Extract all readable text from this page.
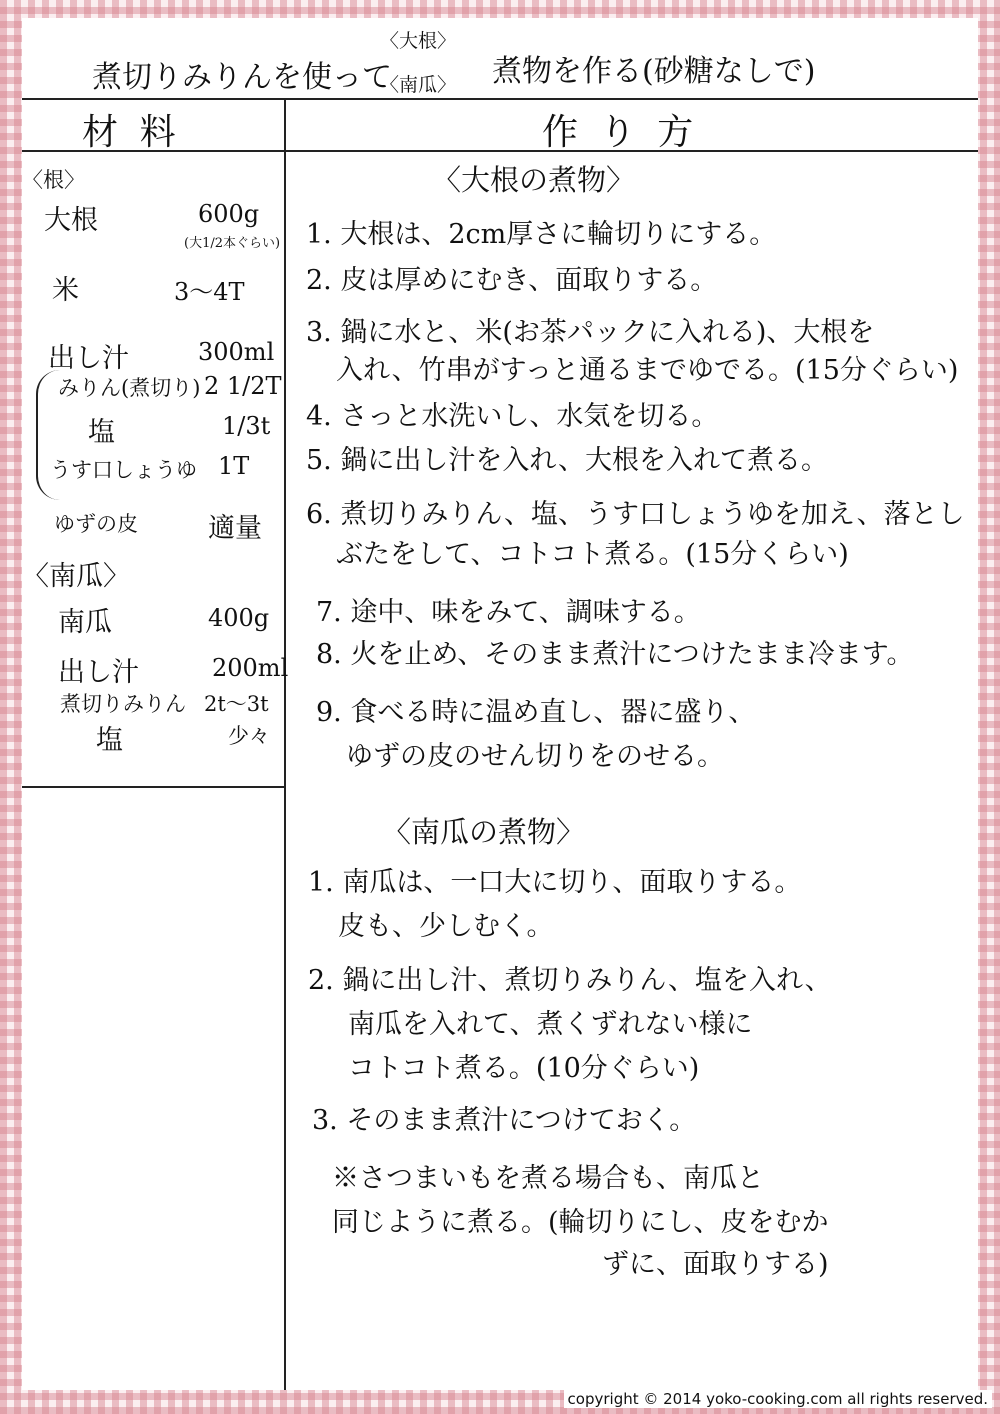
煮切りみりんを使って
〈大根〉
〈南瓜〉 煮物を作る(砂糖なしで)
材料	作り方
〈根〉
大根	600g
(大1/2本ぐらい)
米	3〜4T
出し汁	300ml
みりん(煮切り) 2 1/2T
塩	1/3t
うす口しょうゆ 1T
ゆずの皮	適量
〈南瓜〉
南瓜	400g
出し汁	200ml
煮切りみりん 2t〜3t
塩	少々
〈大根の煮物〉
1. 大根は、2cm厚さに輪切りにする。
2. 皮は厚めにむき、面取りする。
3. 鍋に水と、米(お茶パックに入れる)、大根を
入れ、竹串がすっと通るまでゆでる。(15分ぐらい)
4. さっと水洗いし、水気を切る。
5. 鍋に出し汁を入れ、大根を入れて煮る。
6. 煮切りみりん、塩、うす口しょうゆを加え、落とし
ぶたをして、コトコト煮る。(15分くらい)
7. 途中、味をみて、調味する。
8. 火を止め、そのまま煮汁につけたまま冷ます。
9. 食べる時に温め直し、器に盛り、
ゆずの皮のせん切りをのせる。
〈南瓜の煮物〉
1. 南瓜は、一口大に切り、面取りする。
皮も、少しむく。
2. 鍋に出し汁、煮切りみりん、塩を入れ、
南瓜を入れて、煮くずれない様に
コトコト煮る。(10分ぐらい)
3. そのまま煮汁につけておく。
※さつまいもを煮る場合も、南瓜と
同じように煮る。(輪切りにし、皮をむか
ずに、面取りする)
copyright © 2014 yoko-cooking.com all rights reserved.
